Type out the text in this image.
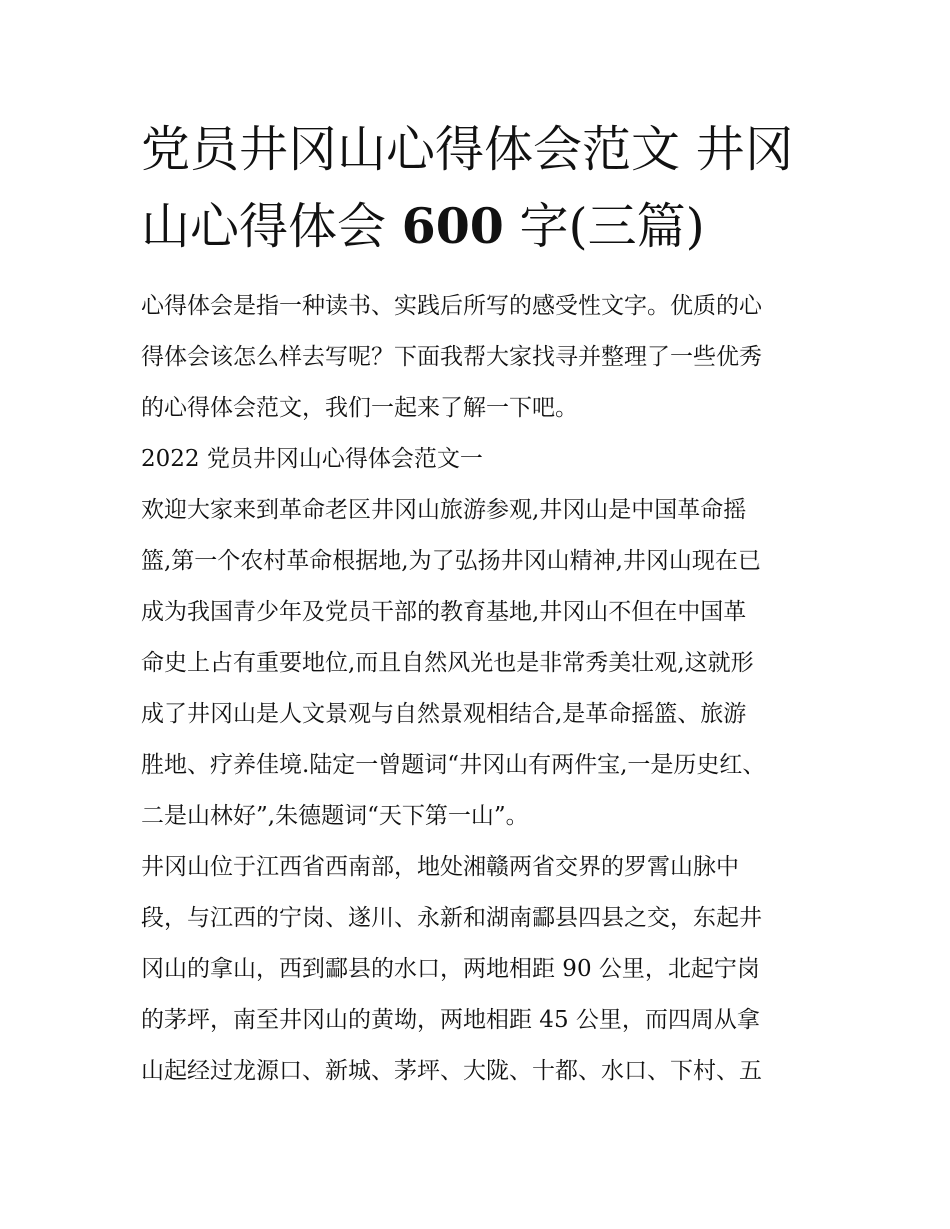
党员井冈山心得体会范文 井冈
山心得体会 600 字(三篇)
心得体会是指一种读书、实践后所写的感受性文字。优质的心
得体会该怎么样去写呢？下面我帮大家找寻并整理了一些优秀
的心得体会范文，我们一起来了解一下吧。
2022 党员井冈山心得体会范文一
欢迎大家来到革命老区井冈山旅游参观,井冈山是中国革命摇
篮,第一个农村革命根据地,为了弘扬井冈山精神,井冈山现在已
成为我国青少年及党员干部的教育基地,井冈山不但在中国革
命史上占有重要地位,而且自然风光也是非常秀美壮观,这就形
成了井冈山是人文景观与自然景观相结合,是革命摇篮、旅游
胜地、疗养佳境.陆定一曾题词“井冈山有两件宝,一是历史红、
二是山林好”,朱德题词“天下第一山”。
井冈山位于江西省西南部，地处湘赣两省交界的罗霄山脉中
段，与江西的宁岗、遂川、永新和湖南酃县四县之交，东起井
冈山的拿山，西到酃县的水口，两地相距 90 公里，北起宁岗
的茅坪，南至井冈山的黄坳，两地相距 45 公里，而四周从拿
山起经过龙源口、新城、茅坪、大陇、十都、水口、下村、五
